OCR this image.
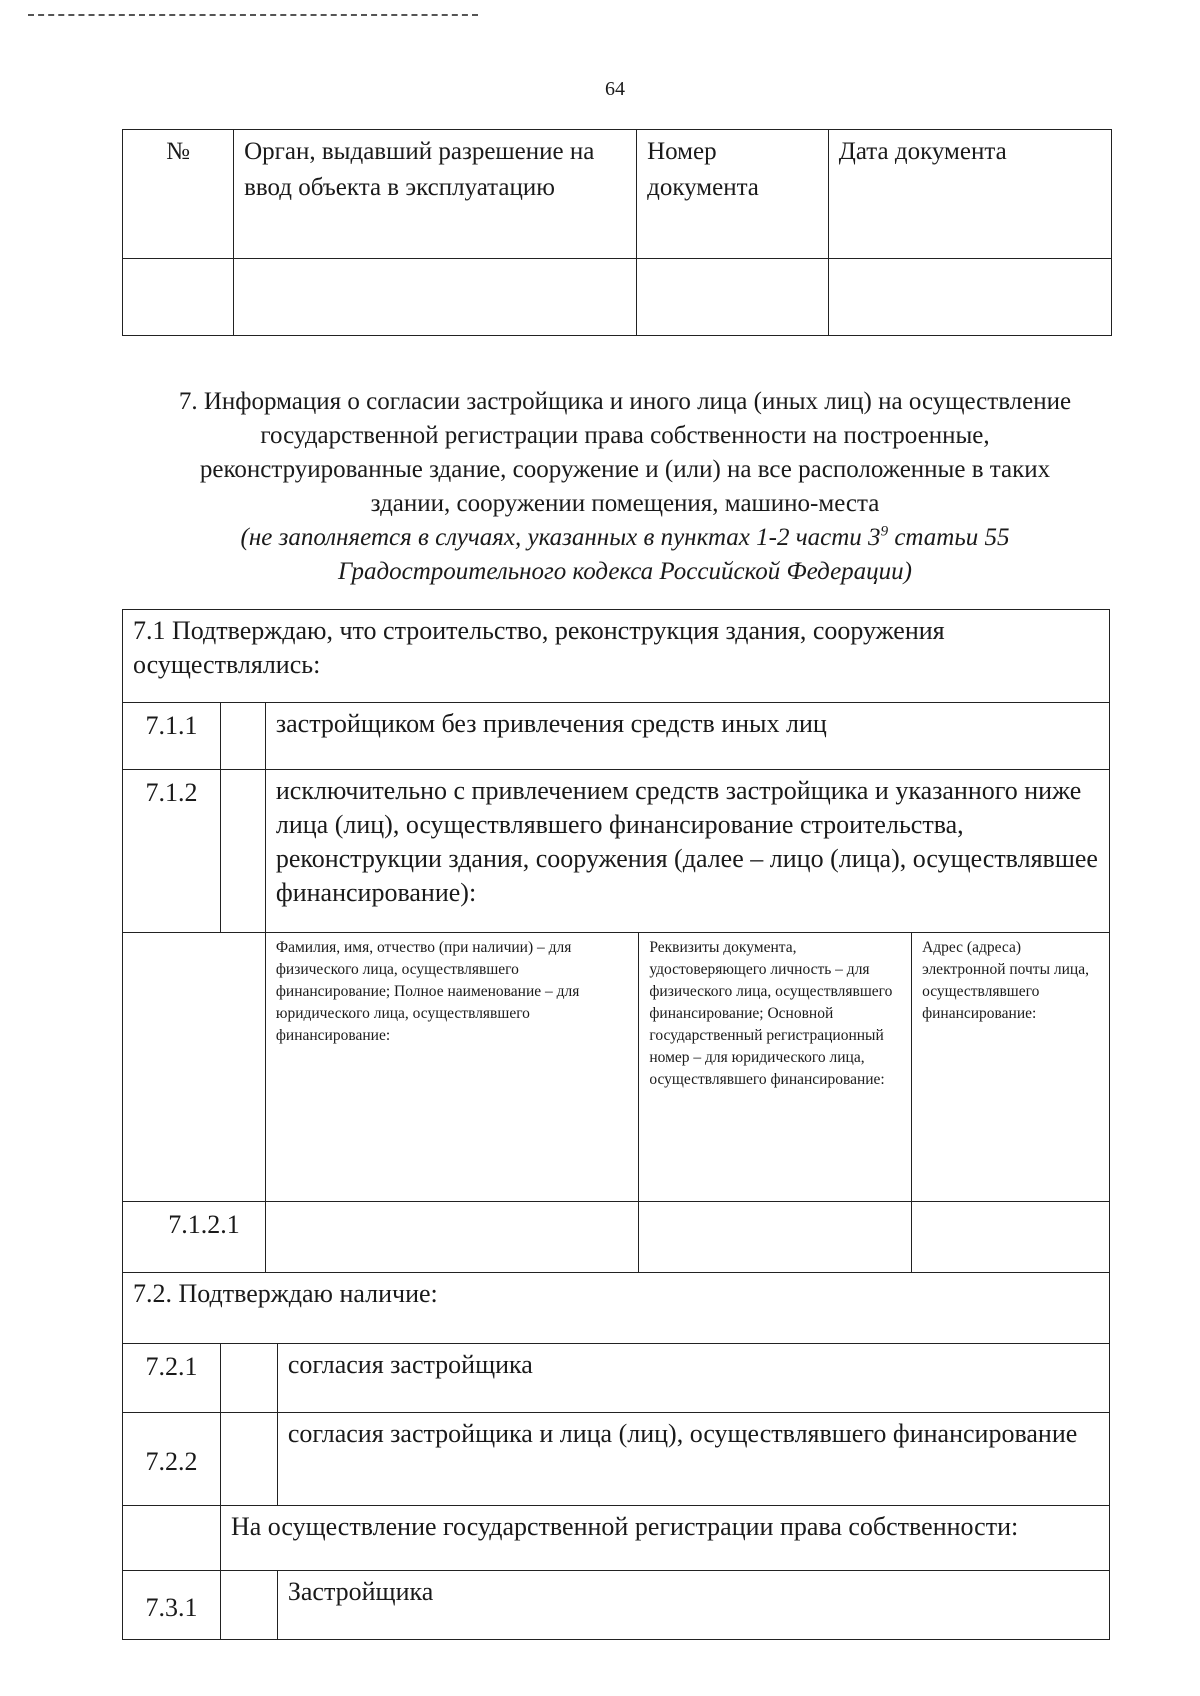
64
№	Орган, выдавший разрешение на ввод объекта в эксплуатацию	Номер документа	Дата документа

7. Информация о согласии застройщика и иного лица (иных лиц) на осуществление государственной регистрации права собственности на построенные, реконструированные здание, сооружение и (или) на все расположенные в таких здании, сооружении помещения, машино-места
(не заполняется в случаях, указанных в пунктах 1-2 части $3^9$ статьи 55 Градостроительного кодекса Российской Федерации)
7.1 Подтверждаю, что строительство, реконструкция здания, сооружения осуществлялись:					
7.1.1		застройщиком без привлечения средств иных лиц			
7.1.2		исключительно с привлечением средств застройщика и указанного ниже лица (лиц), осуществлявшего финансирование строительства, реконструкции здания, сооружения (далее – лицо (лица), осуществлявшее финансирование):			
		Фамилия, имя, отчество (при наличии) – для физического лица, осуществлявшего финансирование; Полное наименование – для юридического лица, осуществлявшего финансирование:		Реквизиты документа, удостоверяющего личность – для физического лица, осуществлявшего финансирование; Основной государственный регистрационный номер – для юридического лица, осуществлявшего финансирование:	Адрес (адреса) электронной почты лица, осуществлявшего финансирование:
7.1.2.1					
7.2. Подтверждаю наличие:					
7.2.1			согласия застройщика		
7.2.2			согласия застройщика и лица (лиц), осуществлявшего финансирование		
	На осуществление государственной регистрации права собственности:				
7.3.1			Застройщика		
